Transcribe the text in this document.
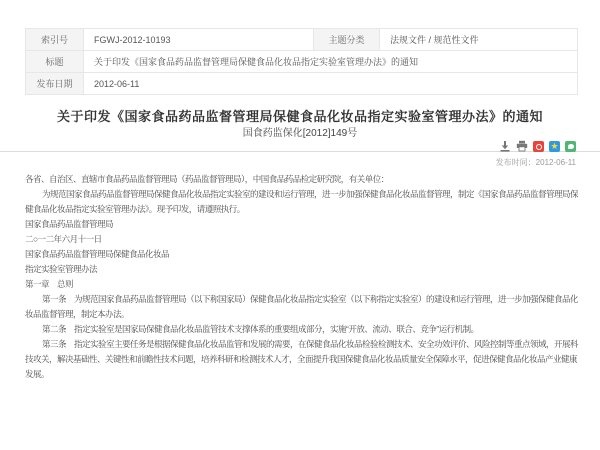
索引号	FGWJ-2012-10193	主题分类	法规文件 / 规范性文件
标题	关于印发《国家食品药品监督管理局保健食品化妆品指定实验室管理办法》的通知		
发布日期	2012-06-11		
关于印发《国家食品药品监督管理局保健食品化妆品指定实验室管理办法》的通知
国食药监保化[2012]149号
★
发布时间：2012-06-11

各省、自治区、直辖市食品药品监督管理局（药品监督管理局），中国食品药品检定研究院，有关单位：

为规范国家食品药品监督管理局保健食品化妆品指定实验室的建设和运行管理，进一步加强保健食品化妆品监督管理，制定《国家食品药品监督管理局保健食品化妆品指定实验室管理办法》。现予印发，请遵照执行。

国家食品药品监督管理局

二○一二年六月十一日

国家食品药品监督管理局保健食品化妆品

指定实验室管理办法

第一章　总则

第一条　为规范国家食品药品监督管理局（以下称国家局）保健食品化妆品指定实验室（以下称指定实验室）的建设和运行管理，进一步加强保健食品化妆品监督管理，制定本办法。

第二条　指定实验室是国家局保健食品化妆品监管技术支撑体系的重要组成部分，实施“开放、流动、联合、竞争”运行机制。

第三条　指定实验室主要任务是根据保健食品化妆品监管和发展的需要，在保健食品化妆品检验检测技术、安全功效评价、风险控制等重点领域，开展科技攻关，解决基础性、关键性和前瞻性技术问题，培养科研和检测技术人才，全面提升我国保健食品化妆品质量安全保障水平，促进保健食品化妆品产业健康发展。
